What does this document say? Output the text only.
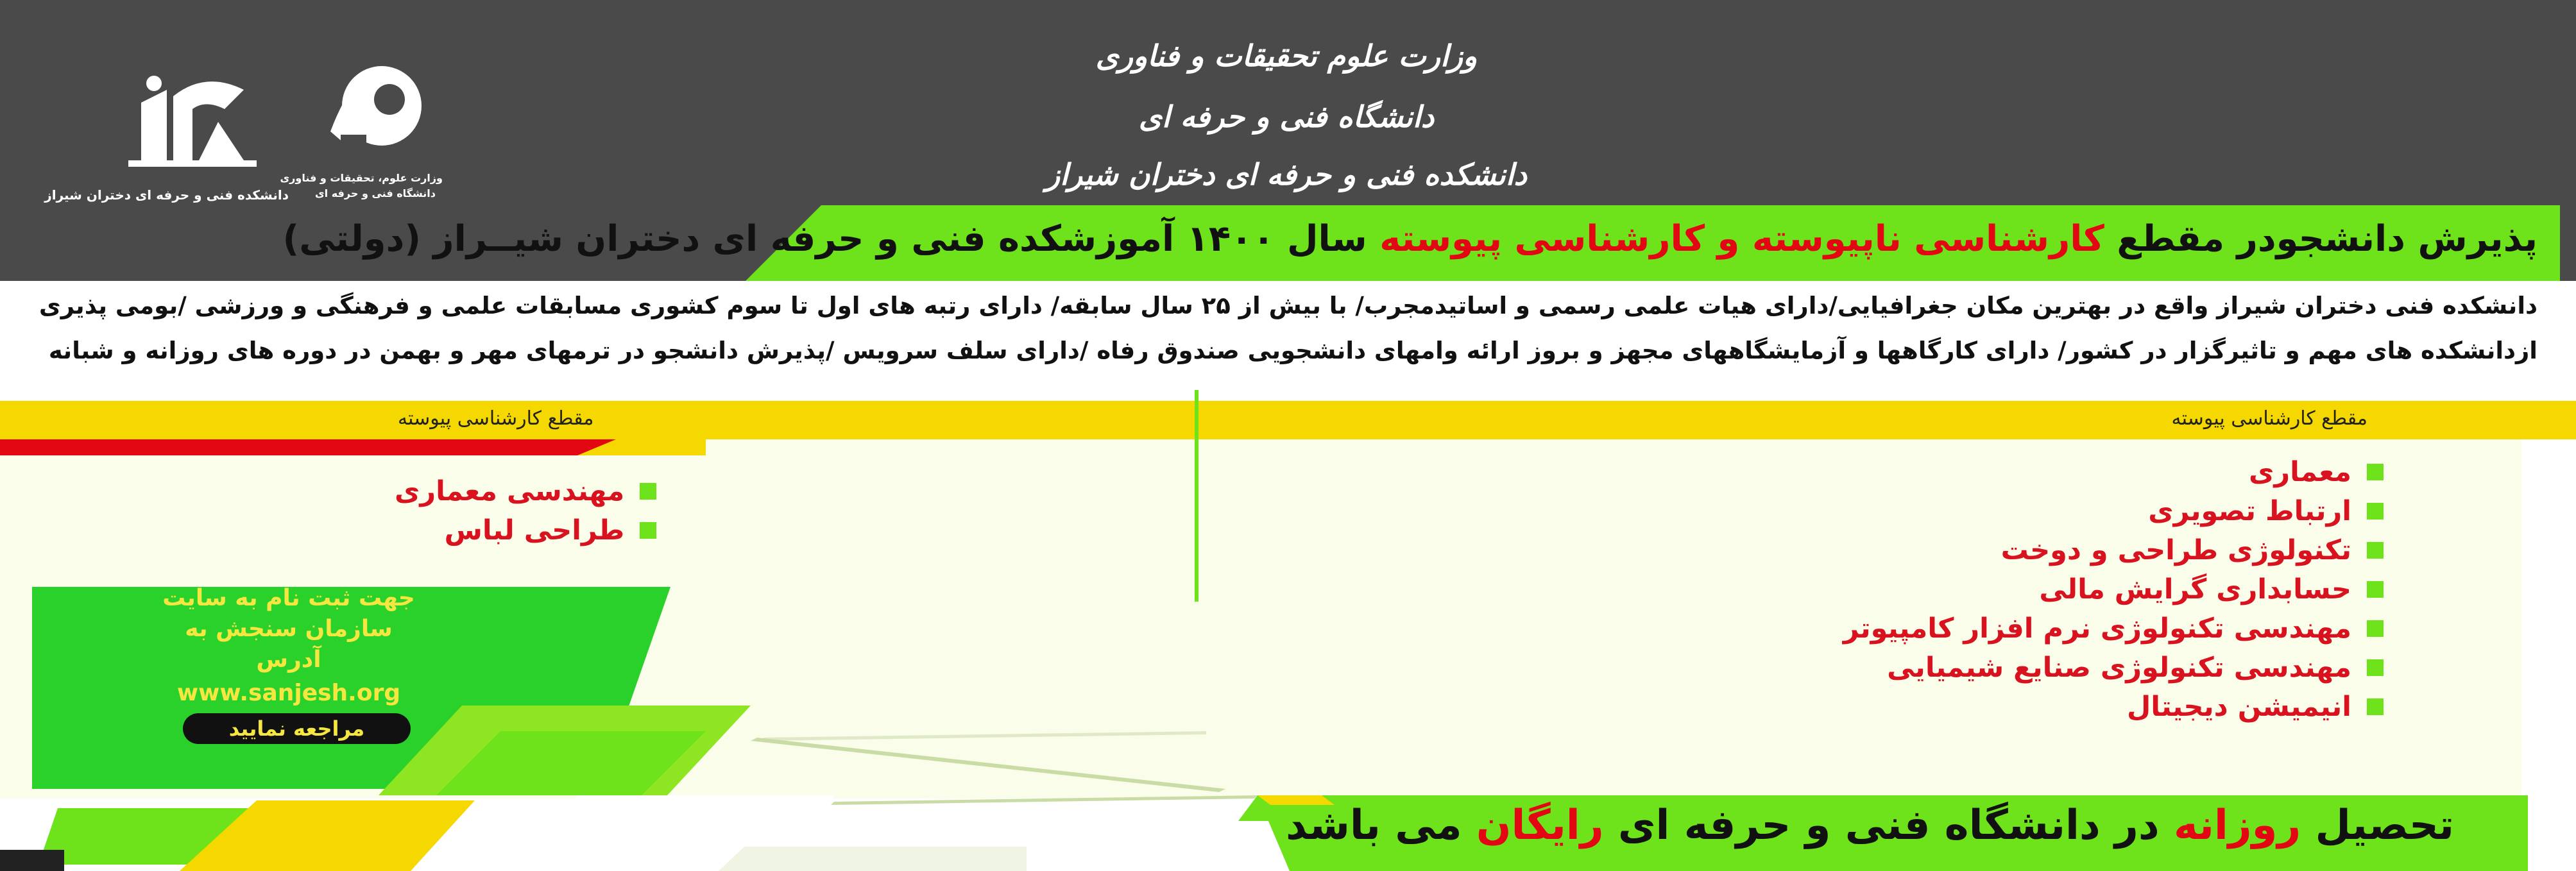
وزارت علوم تحقیقات و فناوری
دانشگاه فنی و حرفه ای
دانشکده فنی و حرفه ای دختران شیراز
دانشکده فنی و حرفه ای دختران شیراز
وزارت علوم، تحقیقات و فناوری
دانشگاه فنی و حرفه ای
پذیرش دانشجودر مقطع کارشناسی ناپیوسته و کارشناسی پیوسته سال ۱۴۰۰ آموزشکده فنی و حرفه ای دختران شیــراز (دولتی)
دانشکده فنی دختران شیراز واقع در بهترین مکان جغرافیایی/دارای هیات علمی رسمی و اساتیدمجرب/ با بیش از ۲۵ سال سابقه/ دارای رتبه های اول تا سوم کشوری مسابقات علمی و فرهنگی و ورزشی /بومی پذیری
ازدانشکده های مهم و تاثیرگزار در کشور/ دارای کارگاهها و آزمایشگاههای مجهز و بروز ارائه وامهای دانشجویی صندوق رفاه /دارای سلف سرویس /پذیرش دانشجو در ترمهای مهر و بهمن در دوره های روزانه و شبانه
مقطع کارشناسی پیوسته
مقطع کارشناسی پیوسته
معماری
ارتباط تصویری
تکنولوژی طراحی و دوخت
حسابداری گرایش مالی
مهندسی تکنولوژی نرم افزار کامپیوتر
مهندسی تکنولوژی صنایع شیمیایی
انیمیشن دیجیتال
مهندسی معماری
طراحی لباس
جهت ثبت نام به سایت
سازمان سنجش به
آدرس
www.sanjesh.org
مراجعه نمایید
تحصیل روزانه در دانشگاه فنی و حرفه ای رایگان می باشد
